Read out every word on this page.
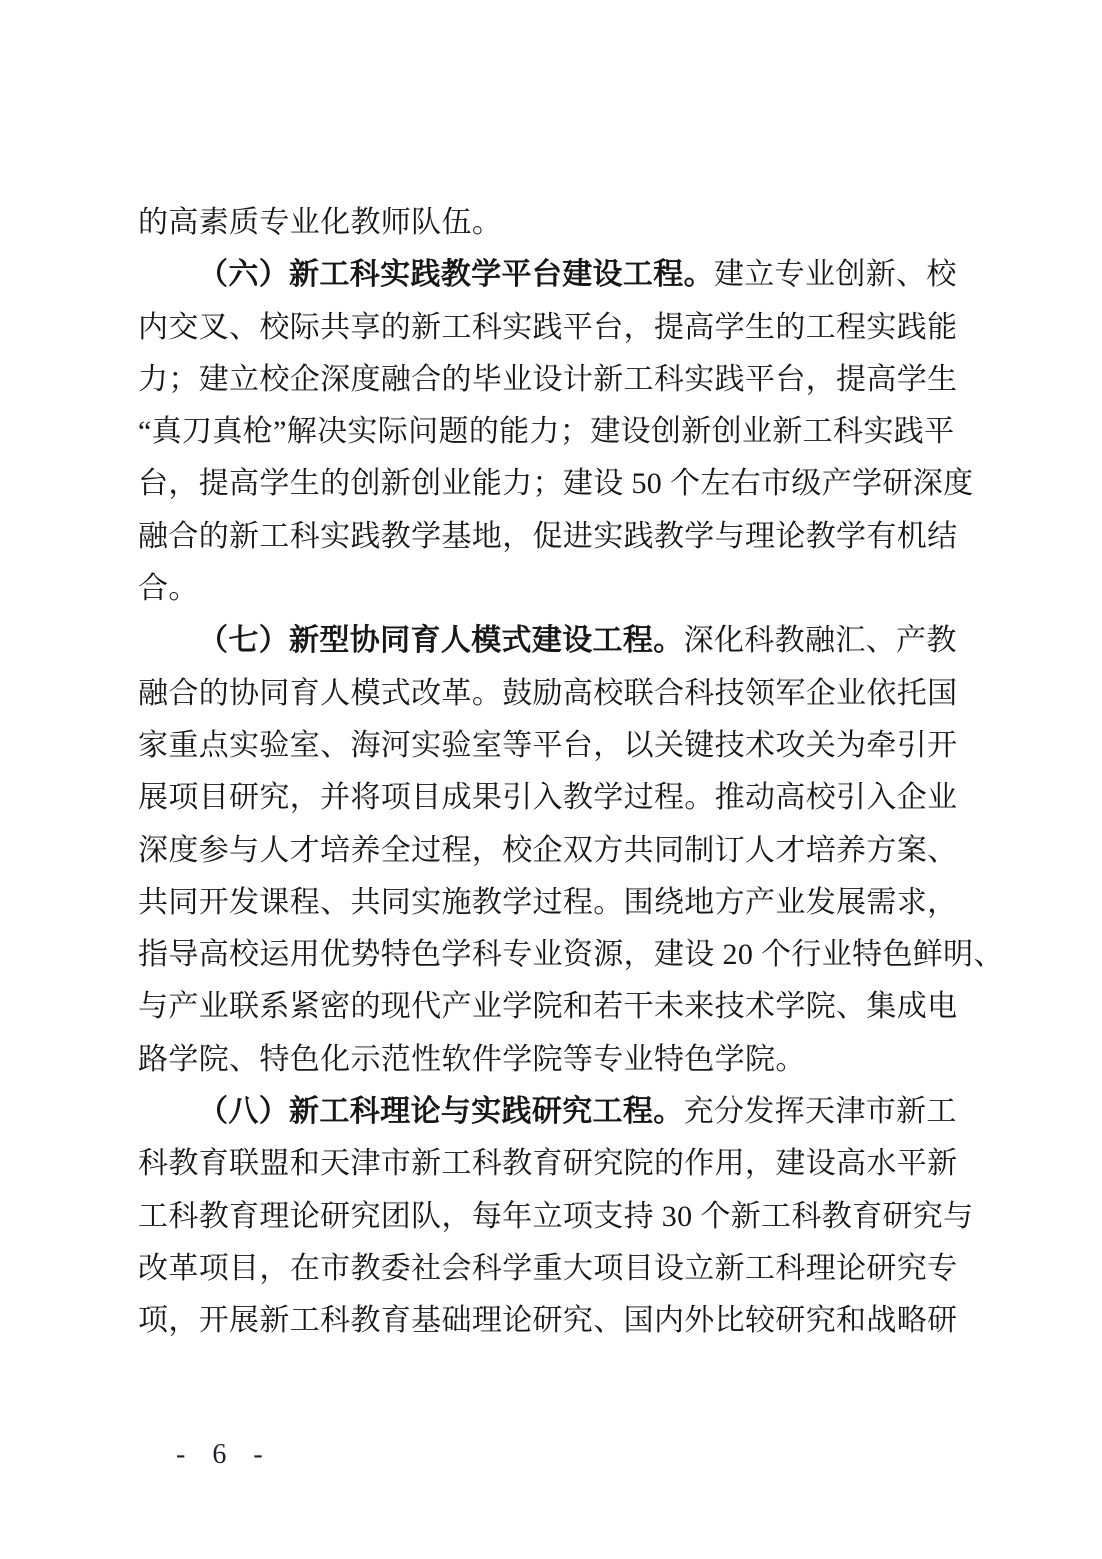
的高素质专业化教师队伍。
（六）新工科实践教学平台建设工程。建立专业创新、校
内交叉、校际共享的新工科实践平台，提高学生的工程实践能
力；建立校企深度融合的毕业设计新工科实践平台，提高学生
“真刀真枪”解决实际问题的能力；建设创新创业新工科实践平
台，提高学生的创新创业能力；建设 50 个左右市级产学研深度
融合的新工科实践教学基地，促进实践教学与理论教学有机结
合。
（七）新型协同育人模式建设工程。深化科教融汇、产教
融合的协同育人模式改革。鼓励高校联合科技领军企业依托国
家重点实验室、海河实验室等平台，以关键技术攻关为牵引开
展项目研究，并将项目成果引入教学过程。推动高校引入企业
深度参与人才培养全过程，校企双方共同制订人才培养方案、
共同开发课程、共同实施教学过程。围绕地方产业发展需求，
指导高校运用优势特色学科专业资源，建设 20 个行业特色鲜明、
与产业联系紧密的现代产业学院和若干未来技术学院、集成电
路学院、特色化示范性软件学院等专业特色学院。
（八）新工科理论与实践研究工程。充分发挥天津市新工
科教育联盟和天津市新工科教育研究院的作用，建设高水平新
工科教育理论研究团队，每年立项支持 30 个新工科教育研究与
改革项目，在市教委社会科学重大项目设立新工科理论研究专
项，开展新工科教育基础理论研究、国内外比较研究和战略研
- 6 -
